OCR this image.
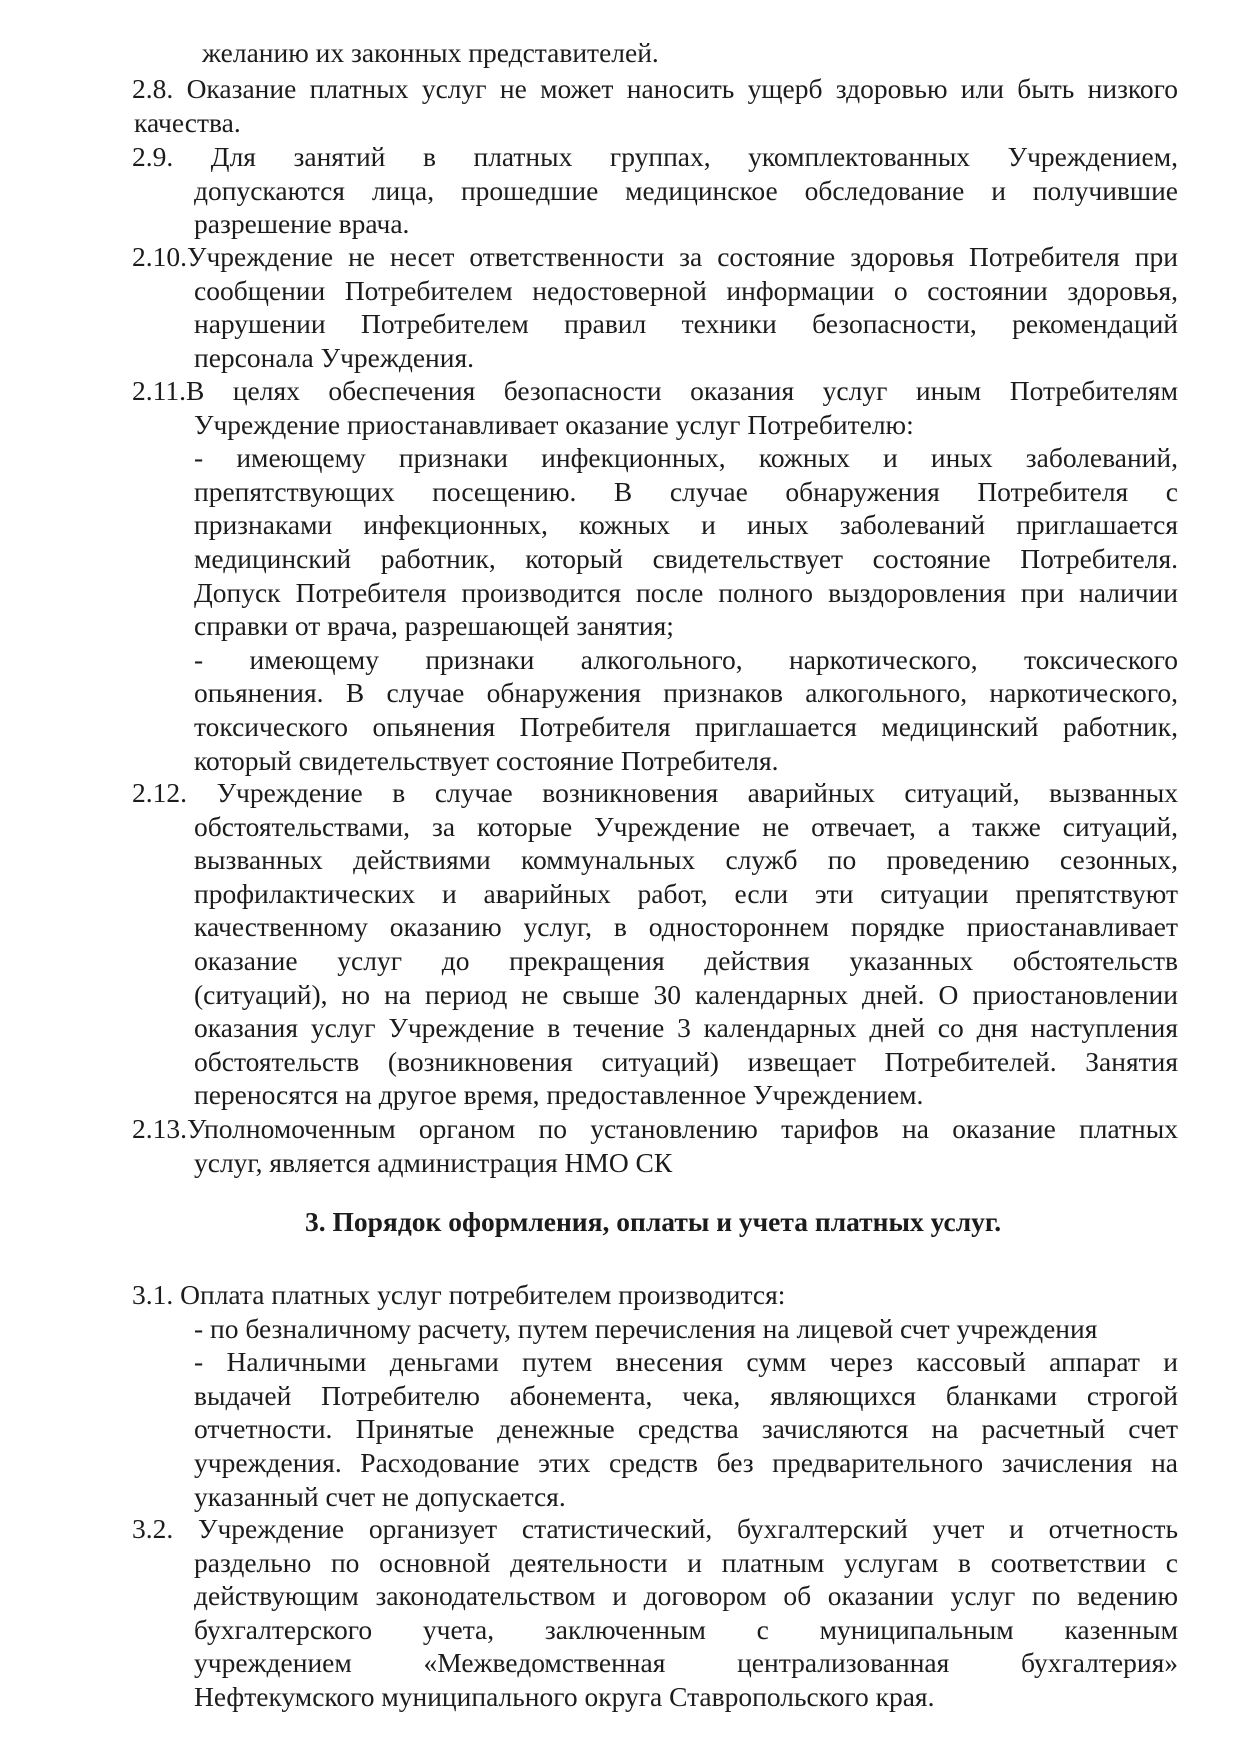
желанию их законных представителей.
2.8. Оказание платных услуг не может наносить ущерб здоровью или быть низкого
качества.
2.9. Для занятий в платных группах, укомплектованных Учреждением,
допускаются лица, прошедшие медицинское обследование и получившие
разрешение врача.
2.10.Учреждение не несет ответственности за состояние здоровья Потребителя при
сообщении Потребителем недостоверной информации о состоянии здоровья,
нарушении Потребителем правил техники безопасности, рекомендаций
персонала Учреждения.
2.11.В целях обеспечения безопасности оказания услуг иным Потребителям
Учреждение приостанавливает оказание услуг Потребителю:
- имеющему признаки инфекционных, кожных и иных заболеваний,
препятствующих посещению. В случае обнаружения Потребителя с
признаками инфекционных, кожных и иных заболеваний приглашается
медицинский работник, который свидетельствует состояние Потребителя.
Допуск Потребителя производится после полного выздоровления при наличии
справки от врача, разрешающей занятия;
- имеющему признаки алкогольного, наркотического, токсического
опьянения. В случае обнаружения признаков алкогольного, наркотического,
токсического опьянения Потребителя приглашается медицинский работник,
который свидетельствует состояние Потребителя.
2.12. Учреждение в случае возникновения аварийных ситуаций, вызванных
обстоятельствами, за которые Учреждение не отвечает, а также ситуаций,
вызванных действиями коммунальных служб по проведению сезонных,
профилактических и аварийных работ, если эти ситуации препятствуют
качественному оказанию услуг, в одностороннем порядке приостанавливает
оказание услуг до прекращения действия указанных обстоятельств
(ситуаций), но на период не свыше 30 календарных дней. О приостановлении
оказания услуг Учреждение в течение 3 календарных дней со дня наступления
обстоятельств (возникновения ситуаций) извещает Потребителей. Занятия
переносятся на другое время, предоставленное Учреждением.
2.13.Уполномоченным органом по установлению тарифов на оказание платных
услуг, является администрация НМО СК
3. Порядок оформления, оплаты и учета платных услуг.
3.1. Оплата платных услуг потребителем производится:
- по безналичному расчету, путем перечисления на лицевой счет учреждения
- Наличными деньгами путем внесения сумм через кассовый аппарат и
выдачей Потребителю абонемента, чека, являющихся бланками строгой
отчетности. Принятые денежные средства зачисляются на расчетный счет
учреждения. Расходование этих средств без предварительного зачисления на
указанный счет не допускается.
3.2. Учреждение организует статистический, бухгалтерский учет и отчетность
раздельно по основной деятельности и платным услугам в соответствии с
действующим законодательством и договором об оказании услуг по ведению
бухгалтерского учета, заключенным с муниципальным казенным
учреждением «Межведомственная централизованная бухгалтерия»
Нефтекумского муниципального округа Ставропольского края.
